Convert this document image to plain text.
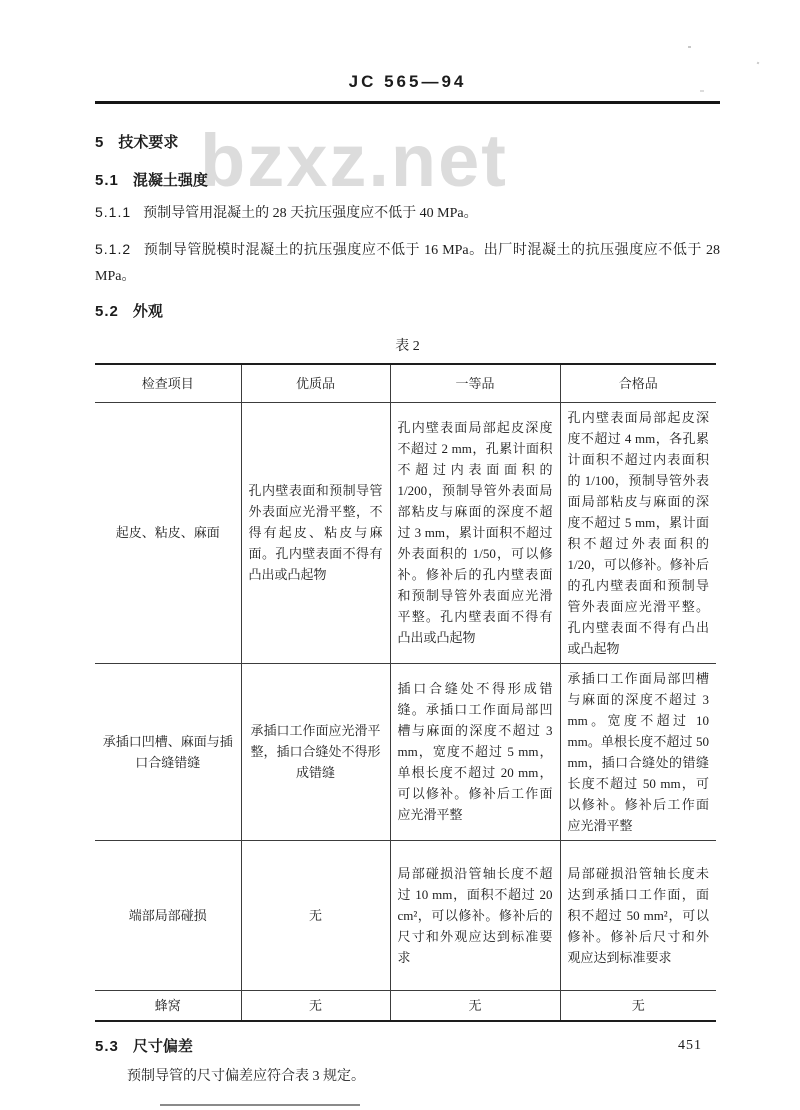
bzxz.net
JC 565—94

5 技术要求

5.1 混凝土强度

5.1.1 预制导管用混凝土的 28 天抗压强度应不低于 40 MPa。

5.1.2 预制导管脱模时混凝土的抗压强度应不低于 16 MPa。出厂时混凝土的抗压强度应不低于 28 MPa。

5.2 外观

表 2
检查项目	优质品	一等品	合格品
起皮、粘皮、麻面	孔内壁表面和预制导管外表面应光滑平整，不得有起皮、粘皮与麻面。孔内壁表面不得有凸出或凸起物	孔内壁表面局部起皮深度不超过 2 mm，孔累计面积不超过内表面面积的 1/200，预制导管外表面局部粘皮与麻面的深度不超过 3 mm，累计面积不超过外表面积的 1/50，可以修补。修补后的孔内壁表面和预制导管外表面应光滑平整。孔内壁表面不得有凸出或凸起物	孔内壁表面局部起皮深度不超过 4 mm，各孔累计面积不超过内表面积的 1/100，预制导管外表面局部粘皮与麻面的深度不超过 5 mm，累计面积不超过外表面积的 1/20，可以修补。修补后的孔内壁表面和预制导管外表面应光滑平整。孔内壁表面不得有凸出或凸起物
承插口凹槽、麻面与插口合缝错缝	承插口工作面应光滑平整，插口合缝处不得形成错缝	插口合缝处不得形成错缝。承插口工作面局部凹槽与麻面的深度不超过 3 mm，宽度不超过 5 mm，单根长度不超过 20 mm，可以修补。修补后工作面应光滑平整	承插口工作面局部凹槽与麻面的深度不超过 3 mm。宽度不超过 10 mm。单根长度不超过 50 mm，插口合缝处的错缝长度不超过 50 mm，可以修补。修补后工作面应光滑平整
端部局部碰损	无	局部碰损沿管轴长度不超过 10 mm，面积不超过 20 cm²，可以修补。修补后的尺寸和外观应达到标准要求	局部碰损沿管轴长度未达到承插口工作面，面积不超过 50 mm²，可以修补。修补后尺寸和外观应达到标准要求
蜂窝	无	无	无

5.3 尺寸偏差

预制导管的尺寸偏差应符合表 3 规定。

451
